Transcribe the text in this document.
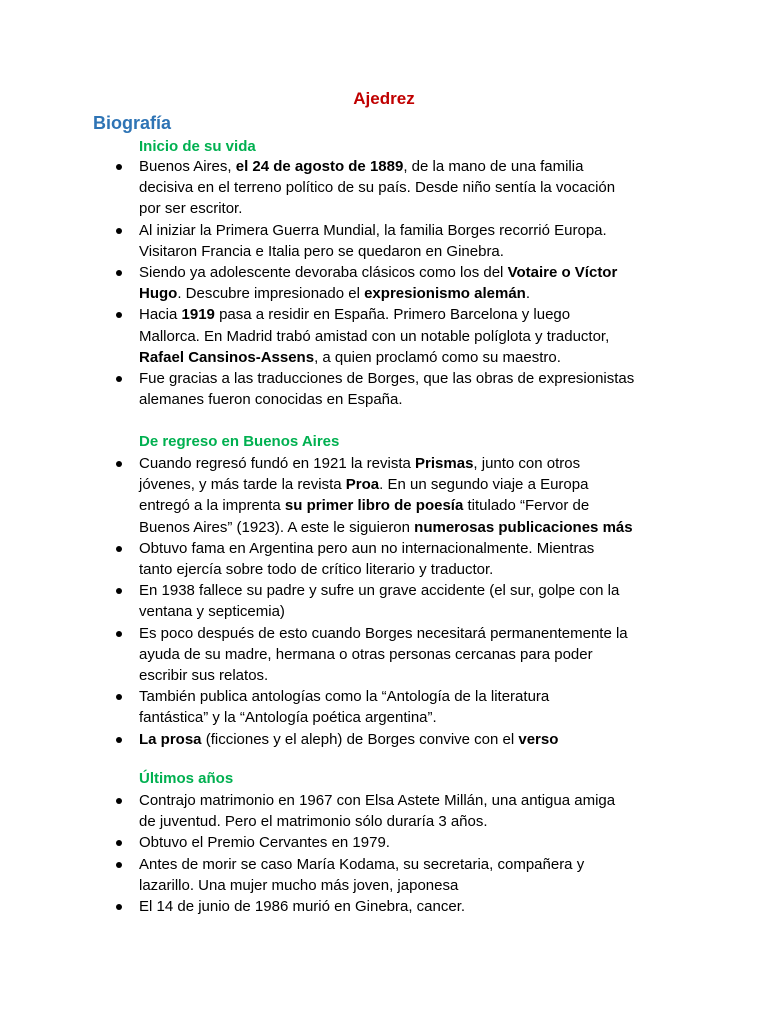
Ajedrez
Biografía
Inicio de su vida
Buenos Aires, el 24 de agosto de 1889, de la mano de una familia
decisiva en el terreno político de su país. Desde niño sentía la vocación
por ser escritor.
Al iniziar la Primera Guerra Mundial, la familia Borges recorrió Europa.
Visitaron Francia e Italia pero se quedaron en Ginebra.
Siendo ya adolescente devoraba clásicos como los del Votaire o Víctor
Hugo. Descubre impresionado el expresionismo alemán.
Hacia 1919 pasa a residir en España. Primero Barcelona y luego
Mallorca. En Madrid trabó amistad con un notable políglota y traductor,
Rafael Cansinos-Assens, a quien proclamó como su maestro.
Fue gracias a las traducciones de Borges, que las obras de expresionistas
alemanes fueron conocidas en España.
De regreso en Buenos Aires
Cuando regresó fundó en 1921 la revista Prismas, junto con otros
jóvenes, y más tarde la revista Proa. En un segundo viaje a Europa
entregó a la imprenta su primer libro de poesía titulado “Fervor de
Buenos Aires” (1923). A este le siguieron numerosas publicaciones más
Obtuvo fama en Argentina pero aun no internacionalmente. Mientras
tanto ejercía sobre todo de crítico literario y traductor.
En 1938 fallece su padre y sufre un grave accidente (el sur, golpe con la
ventana y septicemia)
Es poco después de esto cuando Borges necesitará permanentemente la
ayuda de su madre, hermana o otras personas cercanas para poder
escribir sus relatos.
También publica antologías como la “Antología de la literatura
fantástica” y la “Antología poética argentina”.
La prosa (ficciones y el aleph) de Borges convive con el verso
Últimos años
Contrajo matrimonio en 1967 con Elsa Astete Millán, una antigua amiga
de juventud. Pero el matrimonio sólo duraría 3 años.
Obtuvo el Premio Cervantes en 1979.
Antes de morir se caso María Kodama, su secretaria, compañera y
lazarillo. Una mujer mucho más joven, japonesa
El 14 de junio de 1986 murió en Ginebra, cancer.
